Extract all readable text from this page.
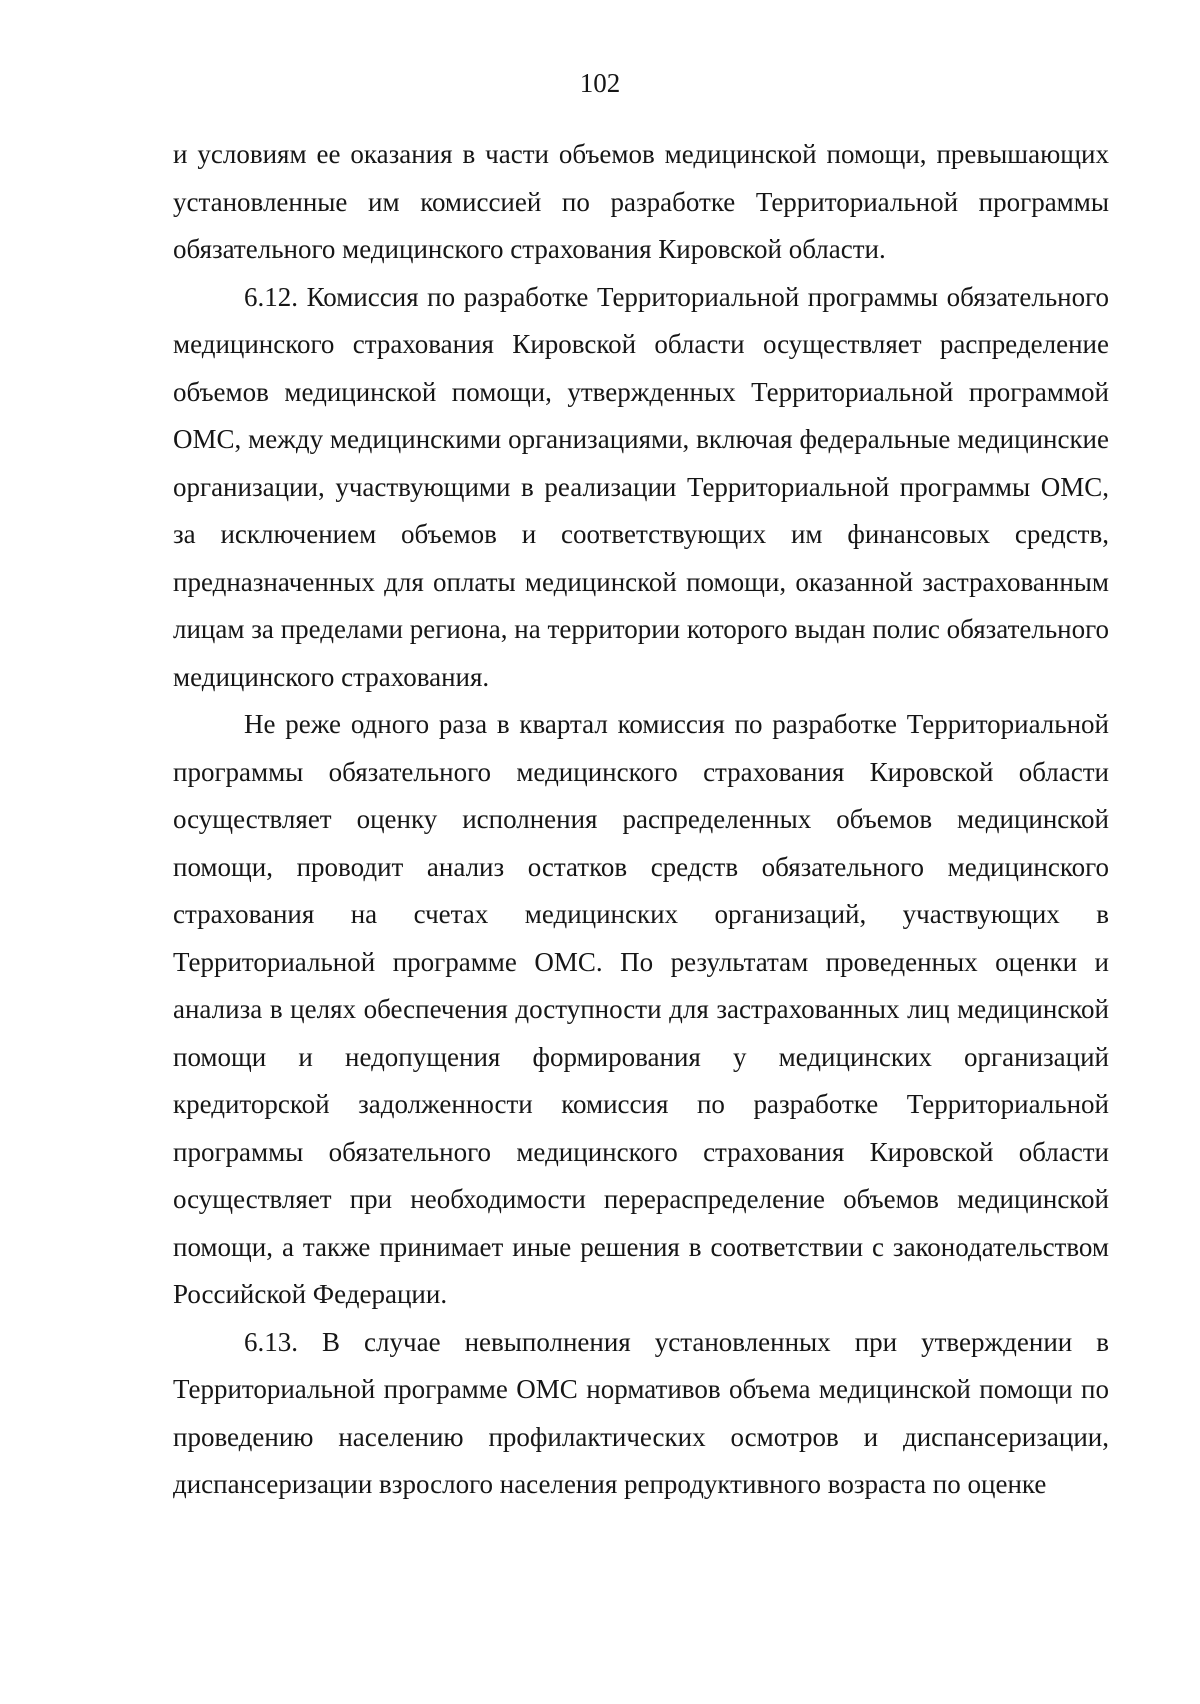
102

и условиям ее оказания в части объемов медицинской помощи, превышающих установленные им комиссией по разработке Территориальной программы обязательного медицинского страхования Кировской области.

6.12. Комиссия по разработке Территориальной программы обязательного медицинского страхования Кировской области осуществляет распределение объемов медицинской помощи, утвержденных Территориальной программой ОМС, между медицинскими организациями, включая федеральные медицинские организации, участвующими в реализации Территориальной программы ОМС, за исключением объемов и соответствующих им финансовых средств, предназначенных для оплаты медицинской помощи, оказанной застрахованным лицам за пределами региона, на территории которого выдан полис обязательного медицинского страхования.

Не реже одного раза в квартал комиссия по разработке Территориальной программы обязательного медицинского страхования Кировской области осуществляет оценку исполнения распределенных объемов медицинской помощи, проводит анализ остатков средств обязательного медицинского страхования на счетах медицинских организаций, участвующих в Территориальной программе ОМС. По результатам проведенных оценки и анализа в целях обеспечения доступности для застрахованных лиц медицинской помощи и недопущения формирования у медицинских организаций кредиторской задолженности комиссия по разработке Территориальной программы обязательного медицинского страхования Кировской области осуществляет при необходимости перераспределение объемов медицинской помощи, а также принимает иные решения в соответствии с законодательством Российской Федерации.

6.13. В случае невыполнения установленных при утверждении в Территориальной программе ОМС нормативов объема медицинской помощи по проведению населению профилактических осмотров и диспансеризации, диспансеризации взрослого населения репродуктивного возраста по оценке
